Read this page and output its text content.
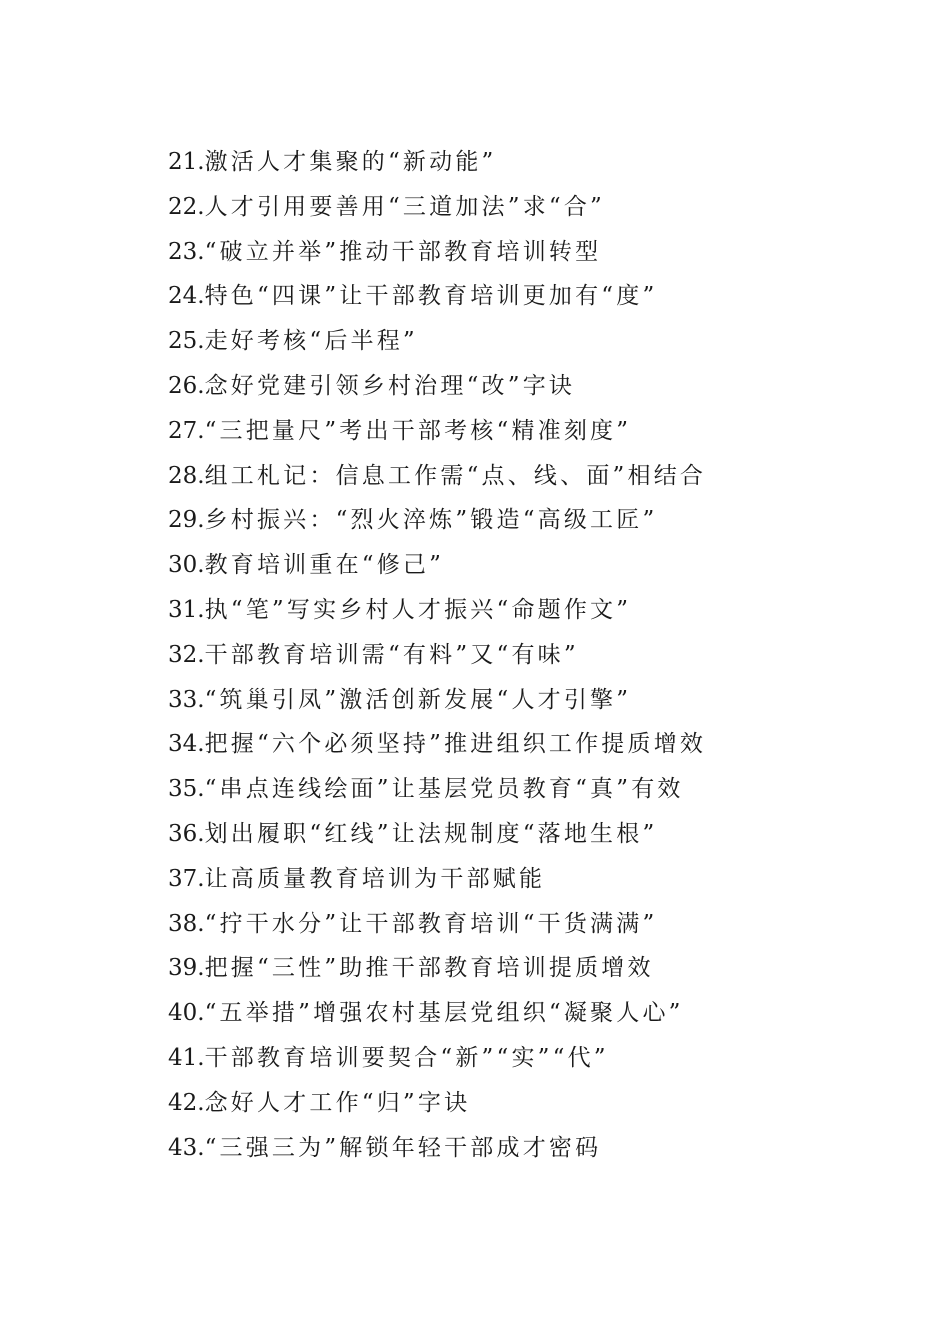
21.激活人才集聚的“新动能”
22.人才引用要善用“三道加法”求“合”
23.“破立并举”推动干部教育培训转型
24.特色“四课”让干部教育培训更加有“度”
25.走好考核“后半程”
26.念好党建引领乡村治理“改”字诀
27.“三把量尺”考出干部考核“精准刻度”
28.组工札记：信息工作需“点、线、面”相结合
29.乡村振兴：“烈火淬炼”锻造“高级工匠”
30.教育培训重在“修己”
31.执“笔”写实乡村人才振兴“命题作文”
32.干部教育培训需“有料”又“有味”
33.“筑巢引凤”激活创新发展“人才引擎”
34.把握“六个必须坚持”推进组织工作提质增效
35.“串点连线绘面”让基层党员教育“真”有效
36.划出履职“红线”让法规制度“落地生根”
37.让高质量教育培训为干部赋能
38.“拧干水分”让干部教育培训“干货满满”
39.把握“三性”助推干部教育培训提质增效
40.“五举措”增强农村基层党组织“凝聚人心”
41.干部教育培训要契合“新”“实”“代”
42.念好人才工作“归”字诀
43.“三强三为”解锁年轻干部成才密码
